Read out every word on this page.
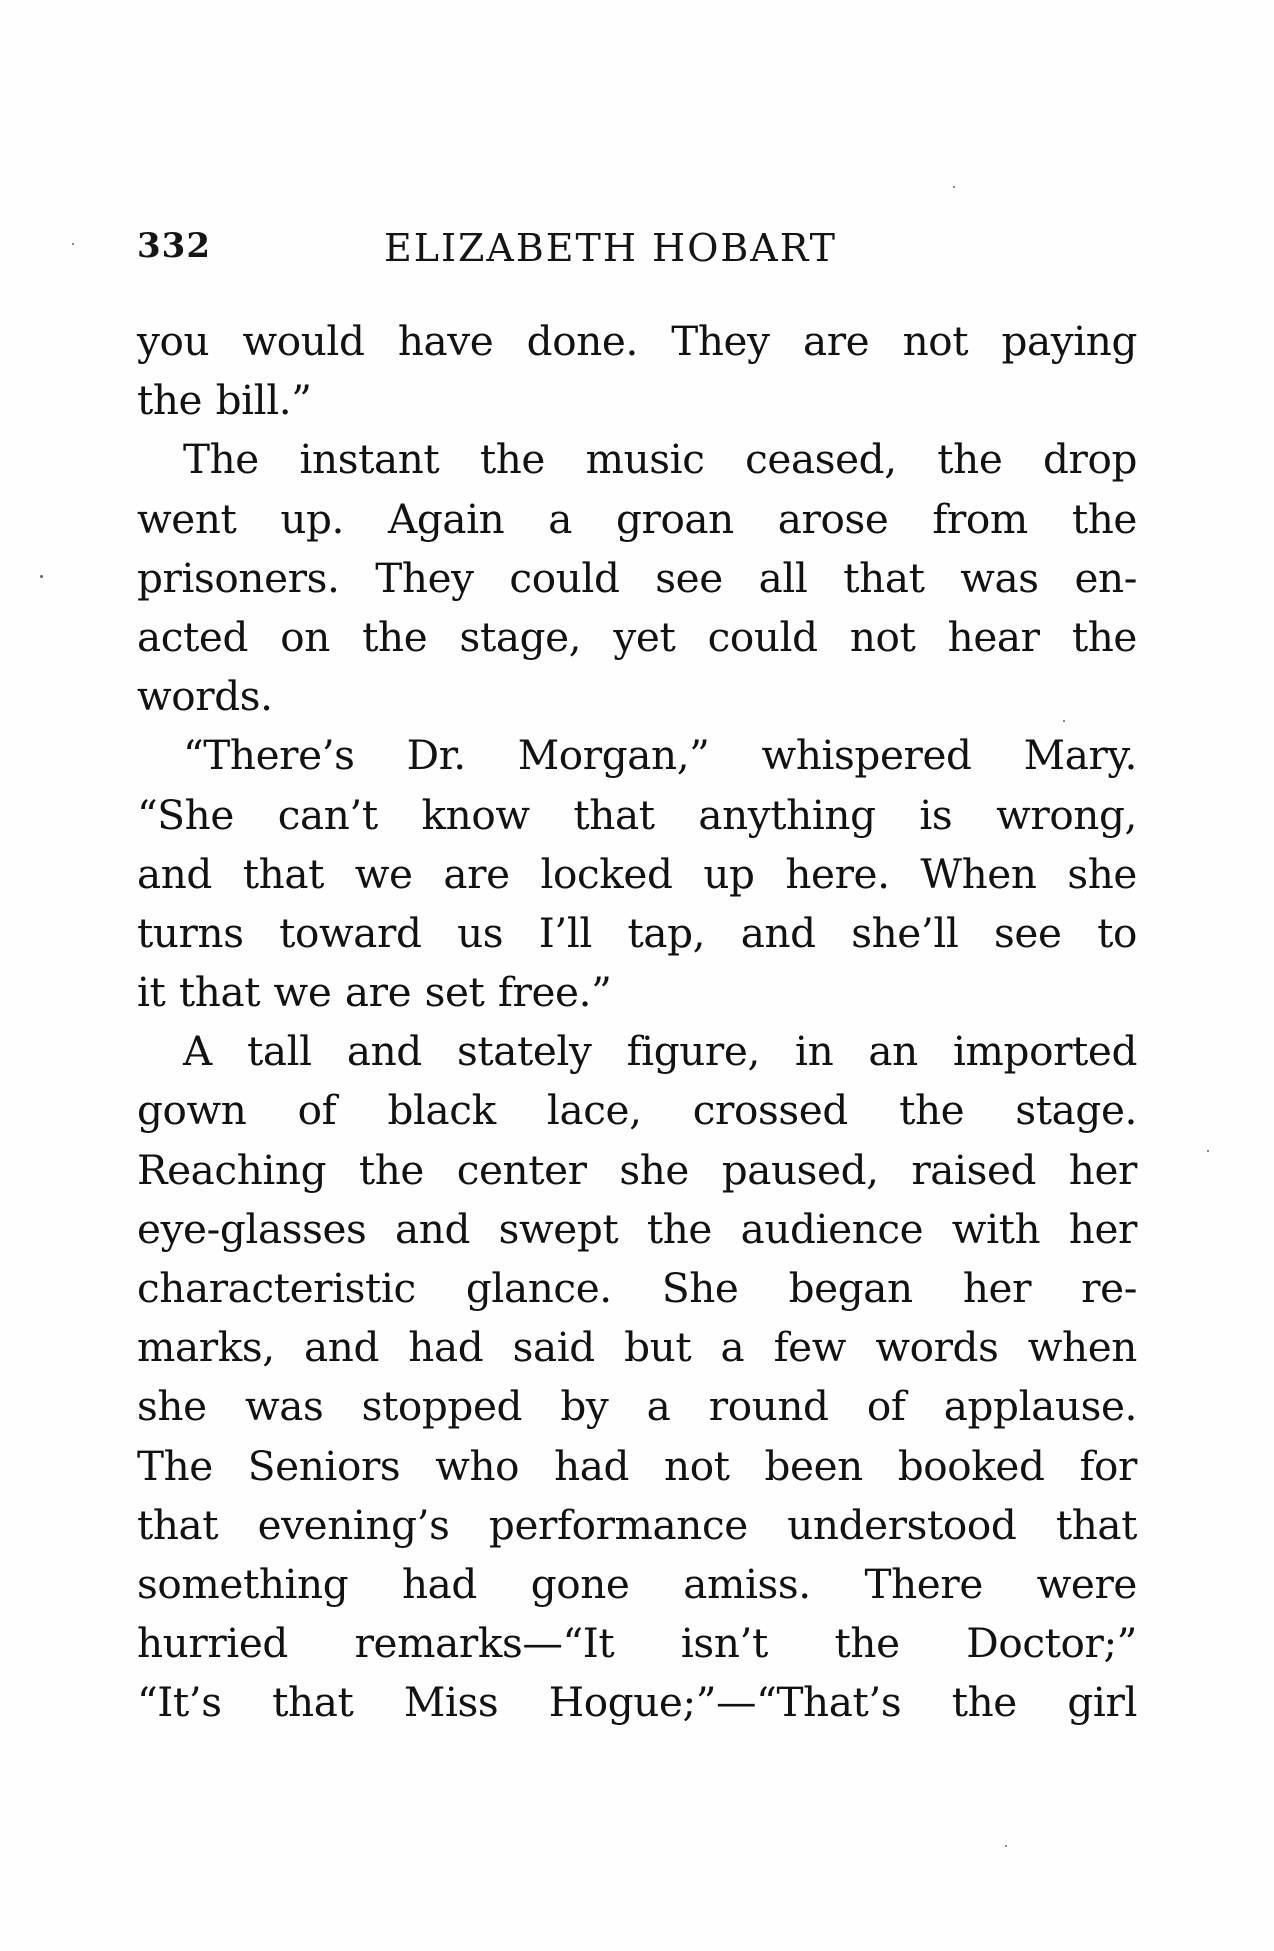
332	ELIZABETH HOBART
you would have done. They are not paying
the bill.”
The instant the music ceased, the drop
went up. Again a groan arose from the
prisoners. They could see all that was en-
acted on the stage, yet could not hear the
words.
“There’s Dr. Morgan,” whispered Mary.
“She can’t know that anything is wrong,
and that we are locked up here. When she
turns toward us I’ll tap, and she’ll see to
it that we are set free.”
A tall and stately figure, in an imported
gown of black lace, crossed the stage.
Reaching the center she paused, raised her
eye-glasses and swept the audience with her
characteristic glance. She began her re-
marks, and had said but a few words when
she was stopped by a round of applause.
The Seniors who had not been booked for
that evening’s performance understood that
something had gone amiss. There were
hurried remarks—“It isn’t the Doctor;”
“It’s that Miss Hogue;”—“That’s the girl
